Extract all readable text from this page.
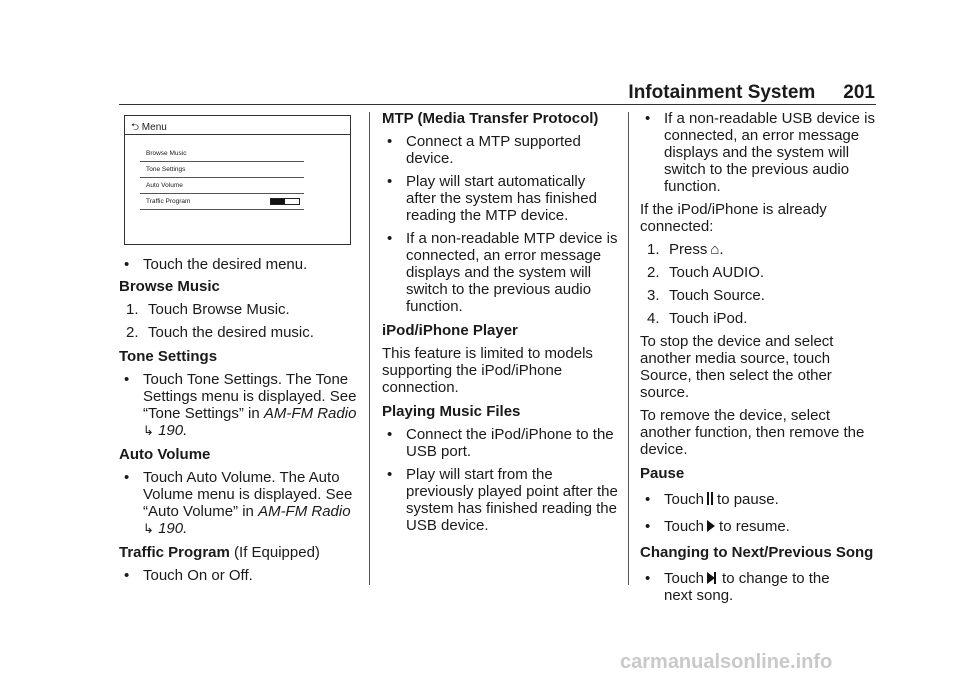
Infotainment System 201
⮌ Menu
Browse Music
Tone Settings
Auto Volume
Traffic Program

• Touch the desired menu.

Browse Music

1. Touch Browse Music.

2. Touch the desired music.

Tone Settings

• Touch Tone Settings. The Tone Settings menu is displayed. See “Tone Settings” in AM-FM Radio
↳ 190.

Auto Volume

• Touch Auto Volume. The Auto Volume menu is displayed. See “Auto Volume” in AM-FM Radio
↳ 190.

Traffic Program (If Equipped)

• Touch On or Off.

MTP (Media Transfer Protocol)

• Connect a MTP supported device.

• Play will start automatically after the system has finished reading the MTP device.

• If a non-readable MTP device is connected, an error message displays and the system will switch to the previous audio function.

iPod/iPhone Player

This feature is limited to models supporting the iPod/iPhone connection.

Playing Music Files

• Connect the iPod/iPhone to the USB port.

• Play will start from the previously played point after the system has finished reading the USB device.

• If a non-readable USB device is connected, an error message displays and the system will switch to the previous audio function.

If the iPod/iPhone is already connected:

1. Press ⌂.

2. Touch AUDIO.

3. Touch Source.

4. Touch iPod.

To stop the device and select another media source, touch Source, then select the other source.

To remove the device, select another function, then remove the device.

Pause

• Touch to pause.

• Touch to resume.

Changing to Next/Previous Song

• Touch to change to the
next song.

carmanualsonline.info
